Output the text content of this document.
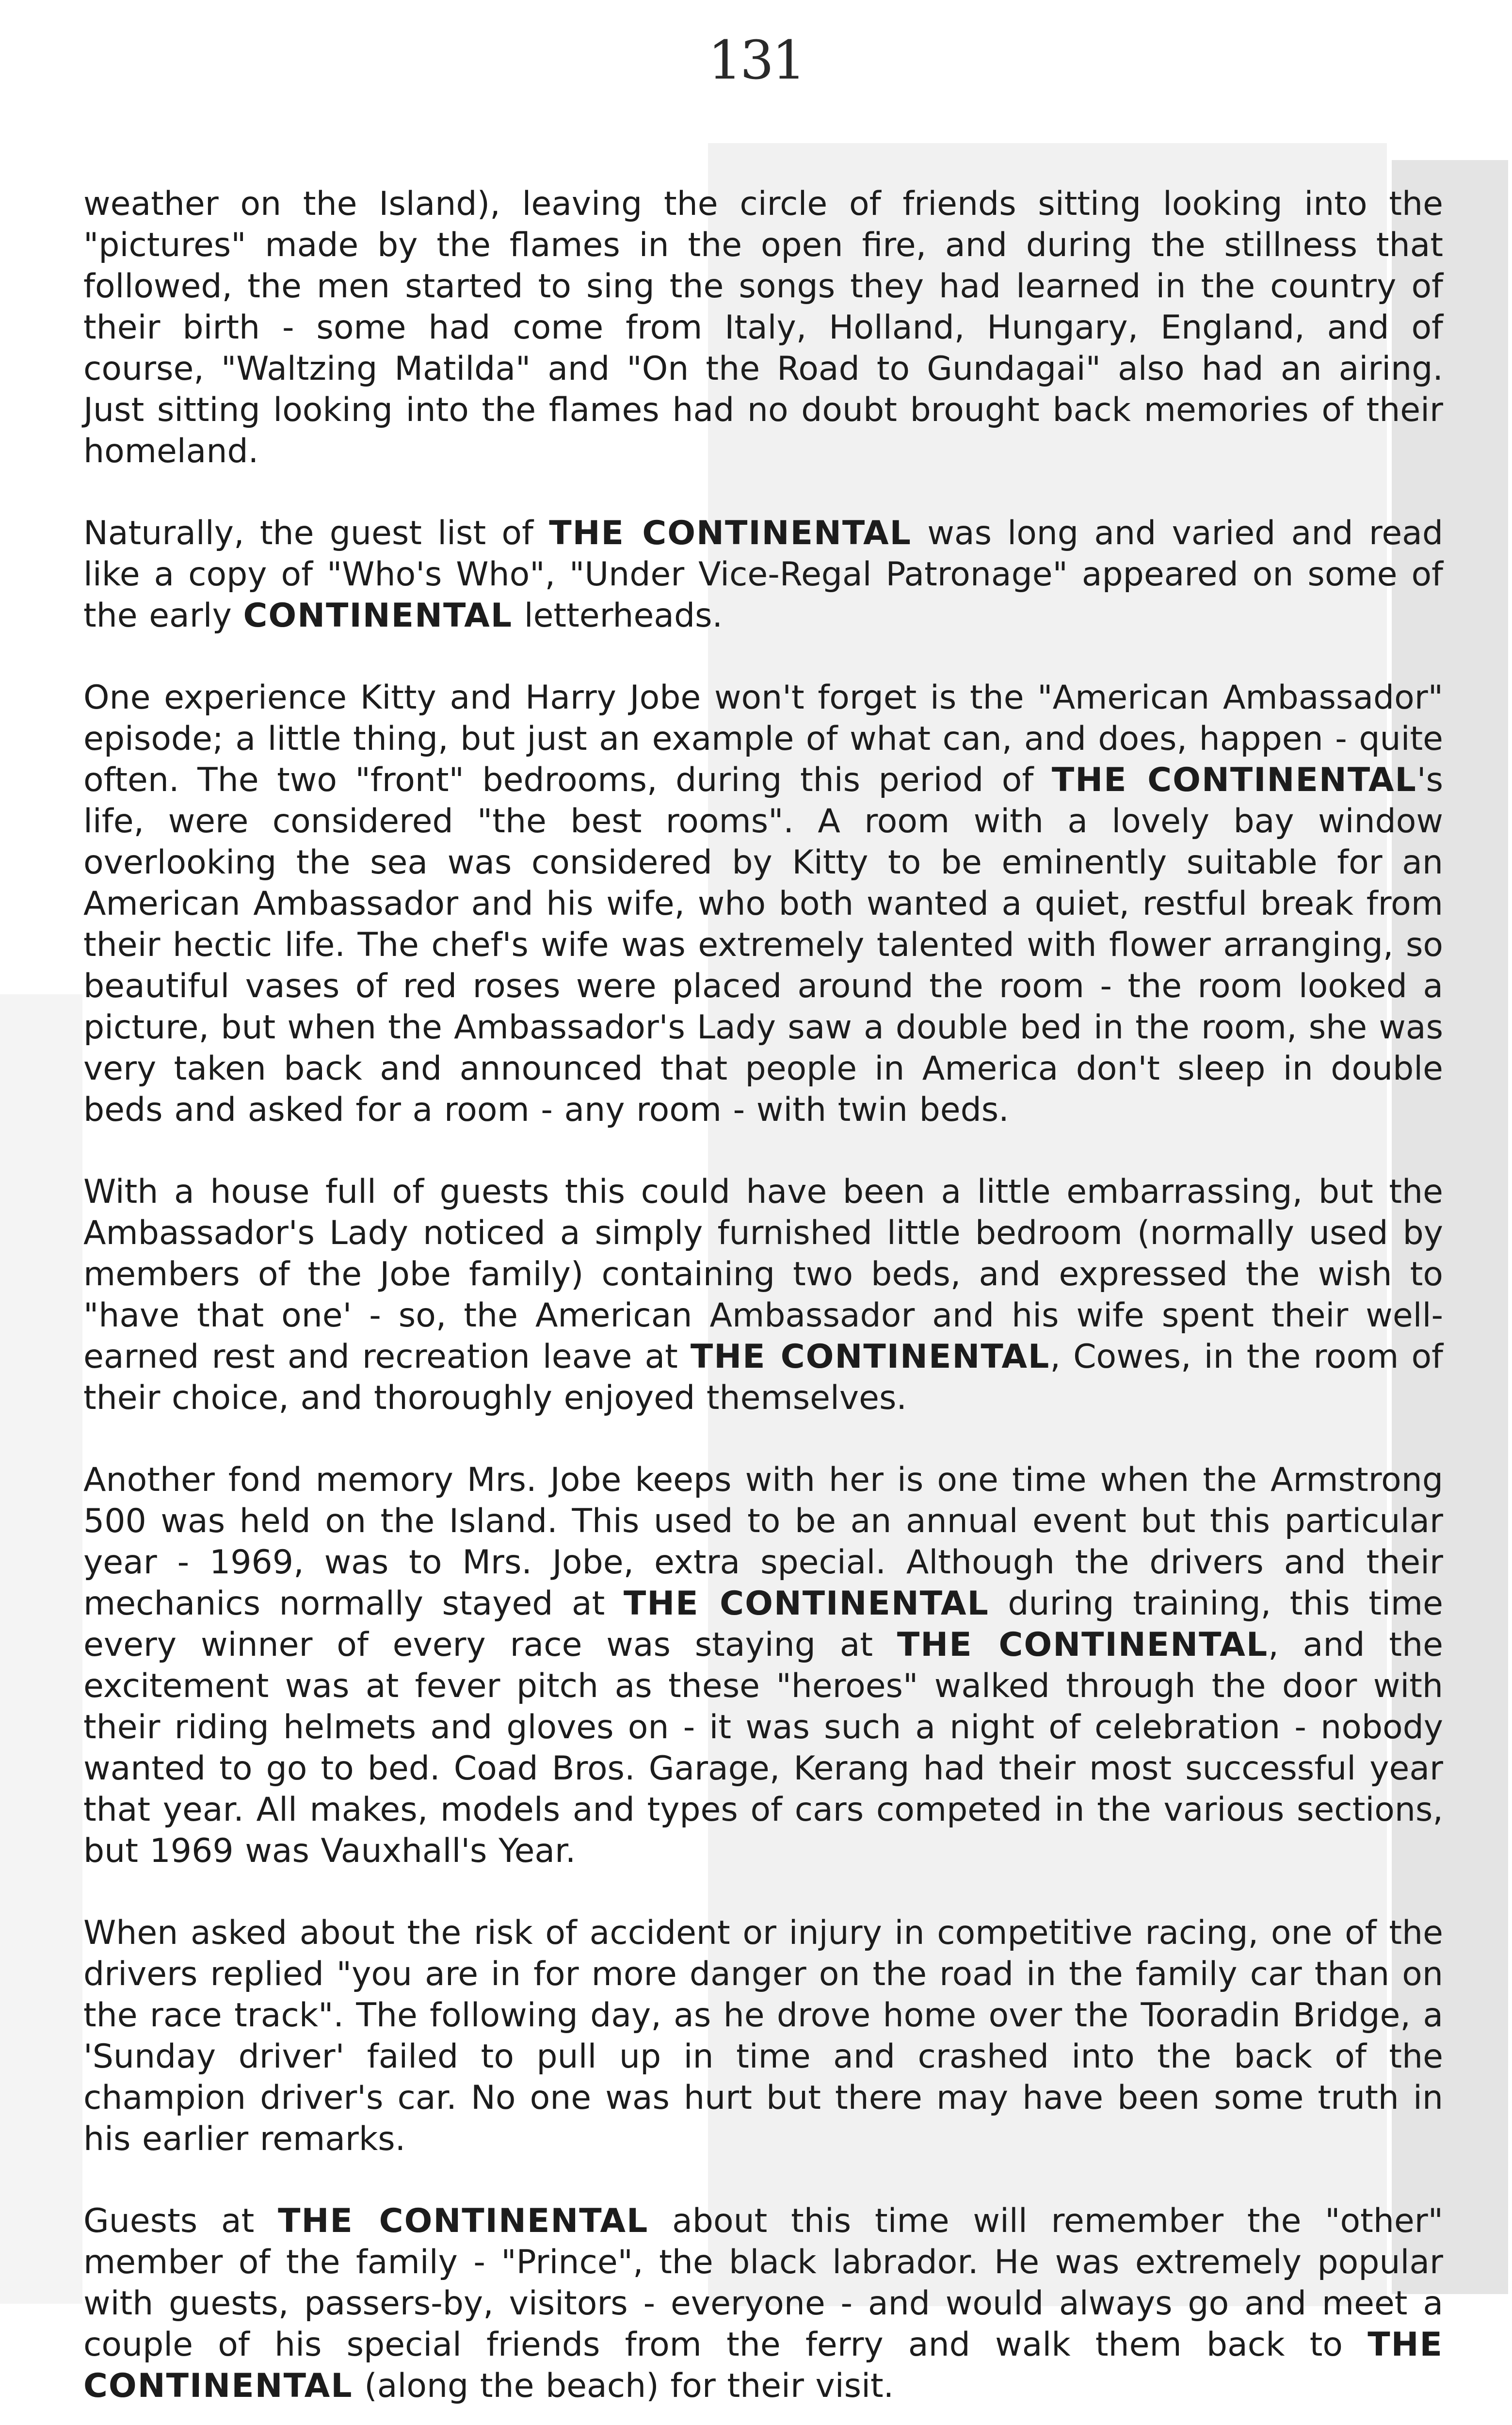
131

weather on the Island), leaving the circle of friends sitting looking into the "pictures" made by the flames in the open fire, and during the stillness that followed, the men started to sing the songs they had learned in the country of their birth - some had come from Italy, Holland, Hungary, England, and of course, "Waltzing Matilda" and "On the Road to Gundagai" also had an airing. Just sitting looking into the flames had no doubt brought back memories of their homeland.

Naturally, the guest list of THE CONTINENTAL was long and varied and read like a copy of "Who's Who", "Under Vice-Regal Patronage" appeared on some of the early CONTINENTAL letterheads.

One experience Kitty and Harry Jobe won't forget is the "American Ambassador" episode; a little thing, but just an example of what can, and does, happen - quite often. The two "front" bedrooms, during this period of THE CONTINENTAL's life, were considered "the best rooms". A room with a lovely bay window overlooking the sea was considered by Kitty to be eminently suitable for an American Ambassador and his wife, who both wanted a quiet, restful break from their hectic life. The chef's wife was extremely talented with flower arranging, so beautiful vases of red roses were placed around the room - the room looked a picture, but when the Ambassador's Lady saw a double bed in the room, she was very taken back and announced that people in America don't sleep in double beds and asked for a room - any room - with twin beds.

With a house full of guests this could have been a little embarrassing, but the Ambassador's Lady noticed a simply furnished little bedroom (normally used by members of the Jobe family) containing two beds, and expressed the wish to "have that one' - so, the American Ambassador and his wife spent their well-earned rest and recreation leave at THE CONTINENTAL, Cowes, in the room of their choice, and thoroughly enjoyed themselves.

Another fond memory Mrs. Jobe keeps with her is one time when the Armstrong 500 was held on the Island. This used to be an annual event but this particular year - 1969, was to Mrs. Jobe, extra special. Although the drivers and their mechanics normally stayed at THE CONTINENTAL during training, this time every winner of every race was staying at THE CONTINENTAL, and the excitement was at fever pitch as these "heroes" walked through the door with their riding helmets and gloves on - it was such a night of celebration - nobody wanted to go to bed. Coad Bros. Garage, Kerang had their most successful year that year. All makes, models and types of cars competed in the various sections, but 1969 was Vauxhall's Year.

When asked about the risk of accident or injury in competitive racing, one of the drivers replied "you are in for more danger on the road in the family car than on the race track". The following day, as he drove home over the Tooradin Bridge, a 'Sunday driver' failed to pull up in time and crashed into the back of the champion driver's car. No one was hurt but there may have been some truth in his earlier remarks.

Guests at THE CONTINENTAL about this time will remember the "other" member of the family - "Prince", the black labrador. He was extremely popular with guests, passers-by, visitors - everyone - and would always go and meet a couple of his special friends from the ferry and walk them back to THE CONTINENTAL (along the beach) for their visit.
